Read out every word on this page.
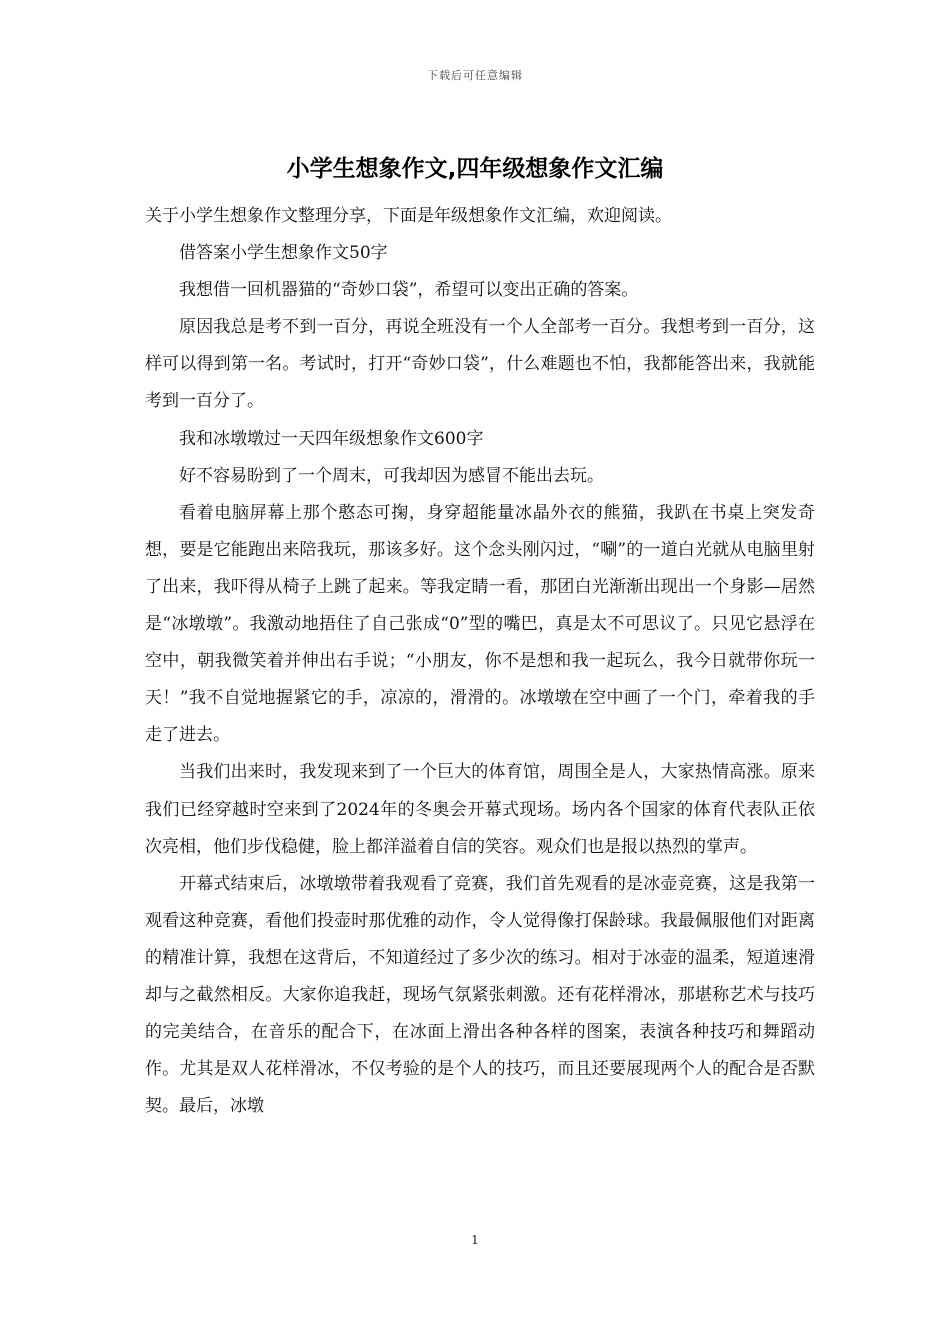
下载后可任意编辑
小学生想象作文,四年级想象作文汇编

关于小学生想象作文整理分享，下面是年级想象作文汇编，欢迎阅读。

借答案小学生想象作文50字

我想借一回机器猫的“奇妙口袋”，希望可以变出正确的答案。

原因我总是考不到一百分，再说全班没有一个人全部考一百分。我想考到一百分，这样可以得到第一名。考试时，打开“奇妙口袋”，什么难题也不怕，我都能答出来，我就能考到一百分了。

我和冰墩墩过一天四年级想象作文600字

好不容易盼到了一个周末，可我却因为感冒不能出去玩。

看着电脑屏幕上那个憨态可掬，身穿超能量冰晶外衣的熊猫，我趴在书桌上突发奇想，要是它能跑出来陪我玩，那该多好。这个念头刚闪过，“唰”的一道白光就从电脑里射了出来，我吓得从椅子上跳了起来。等我定睛一看，那团白光渐渐出现出一个身影—居然是“冰墩墩”。我激动地捂住了自己张成“0”型的嘴巴，真是太不可思议了。只见它悬浮在空中，朝我微笑着并伸出右手说；“小朋友，你不是想和我一起玩么，我今日就带你玩一天！”我不自觉地握紧它的手，凉凉的，滑滑的。冰墩墩在空中画了一个门，牵着我的手走了进去。

当我们出来时，我发现来到了一个巨大的体育馆，周围全是人，大家热情高涨。原来我们已经穿越时空来到了2024年的冬奥会开幕式现场。场内各个国家的体育代表队正依次亮相，他们步伐稳健，脸上都洋溢着自信的笑容。观众们也是报以热烈的掌声。

开幕式结束后，冰墩墩带着我观看了竞赛，我们首先观看的是冰壶竞赛，这是我第一观看这种竞赛，看他们投壶时那优雅的动作，令人觉得像打保龄球。我最佩服他们对距离的精准计算，我想在这背后，不知道经过了多少次的练习。相对于冰壶的温柔，短道速滑却与之截然相反。大家你追我赶，现场气氛紧张刺激。还有花样滑冰，那堪称艺术与技巧的完美结合，在音乐的配合下，在冰面上滑出各种各样的图案，表演各种技巧和舞蹈动作。尤其是双人花样滑冰，不仅考验的是个人的技巧，而且还要展现两个人的配合是否默契。最后，冰墩

1
